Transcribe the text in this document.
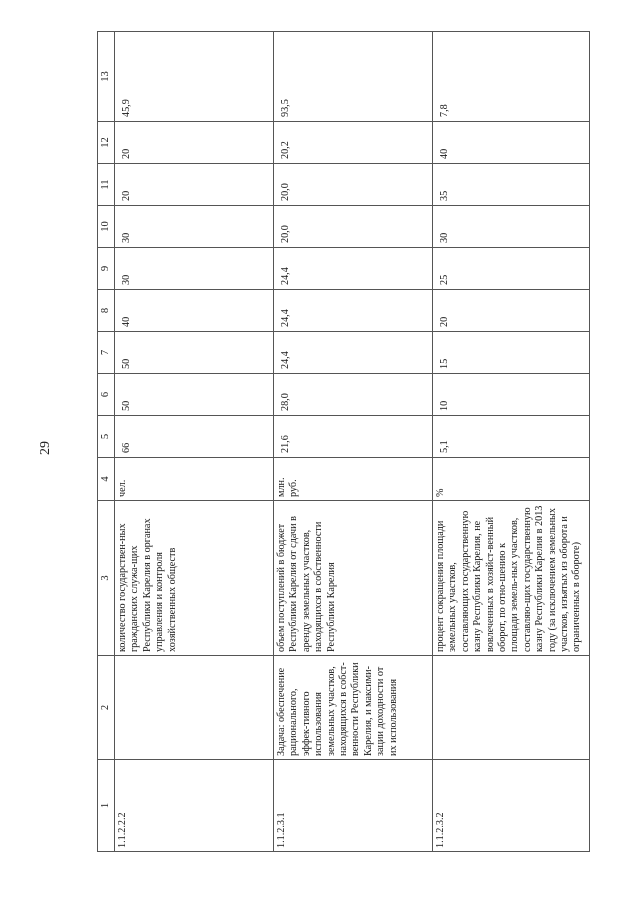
29
1	2	3	4	5	6	7	8	9	10	11	12	13
1.1.2.2.2		количество государствен-ных гражданских служа-щих Республики Карелия в органах управления и контроля хозяйственных обществ	чел.	66	50	50	40	30	30	20	20	45,9
1.1.2.3.1	Задача: обеспечение рационального, эффек-тивного использования земельных участков, находящихся в собст-венности Республики Карелия, и максими-зации доходности от их использования	объем поступлений в бюджет Республики Карелия от сдачи в аренду земельных участков, находящихся в собственности Республики Карелия	млн. руб.	21,6	28,0	24,4	24,4	24,4	20,0	20,0	20,2	93,5
1.1.2.3.2		процент сокращения площади земельных участков, составляющих государственную казну Республики Карелия, не вовлеченных в хозяйст-венный оборот, по отно-шению к площади земель-ных участков, составляю-щих государственную казну Республики Карелия в 2013 году (за исключением земельных участков, изъятых из оборота и ограниченных в обороте)	%	5,1	10	15	20	25	30	35	40	7,8
